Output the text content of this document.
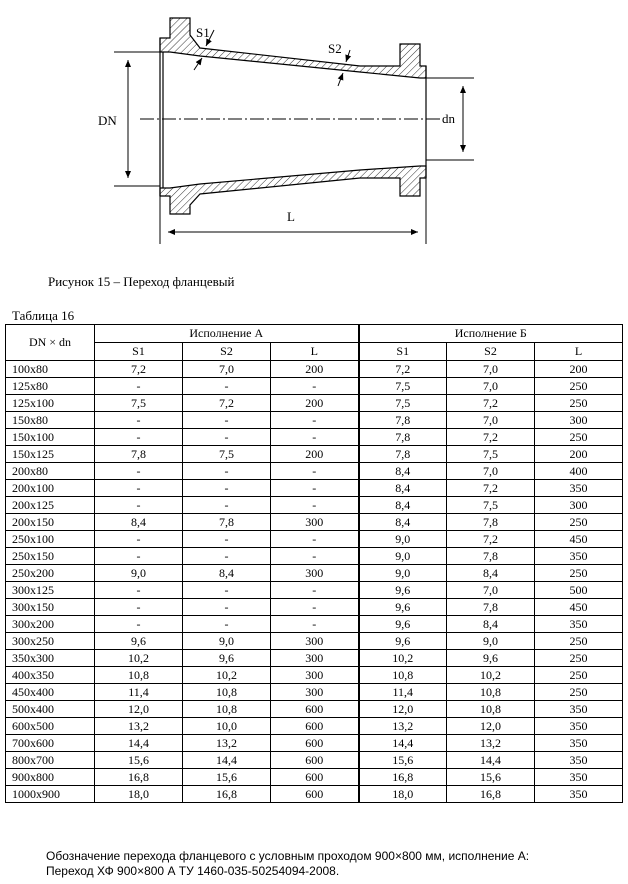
DN	dn
L
S1
S2
Рисунок 15 – Переход фланцевый
Таблица 16
DN × dn	Исполнение А			Исполнение Б		
	S1	S2	L	S1	S2	L
100х80	7,2	7,0	200	7,2	7,0	200
125х80	-	-	-	7,5	7,0	250
125х100	7,5	7,2	200	7,5	7,2	250
150х80	-	-	-	7,8	7,0	300
150х100	-	-	-	7,8	7,2	250
150х125	7,8	7,5	200	7,8	7,5	200
200х80	-	-	-	8,4	7,0	400
200х100	-	-	-	8,4	7,2	350
200х125	-	-	-	8,4	7,5	300
200х150	8,4	7,8	300	8,4	7,8	250
250х100	-	-	-	9,0	7,2	450
250х150	-	-	-	9,0	7,8	350
250х200	9,0	8,4	300	9,0	8,4	250
300х125	-	-	-	9,6	7,0	500
300х150	-	-	-	9,6	7,8	450
300х200	-	-	-	9,6	8,4	350
300х250	9,6	9,0	300	9,6	9,0	250
350х300	10,2	9,6	300	10,2	9,6	250
400х350	10,8	10,2	300	10,8	10,2	250
450х400	11,4	10,8	300	11,4	10,8	250
500х400	12,0	10,8	600	12,0	10,8	350
600х500	13,2	10,0	600	13,2	12,0	350
700х600	14,4	13,2	600	14,4	13,2	350
800х700	15,6	14,4	600	15,6	14,4	350
900х800	16,8	15,6	600	16,8	15,6	350
1000х900	18,0	16,8	600	18,0	16,8	350
Обозначение перехода фланцевого с условным проходом 900×800 мм, исполнение А:
Переход ХФ 900×800 А ТУ 1460-035-50254094-2008.
